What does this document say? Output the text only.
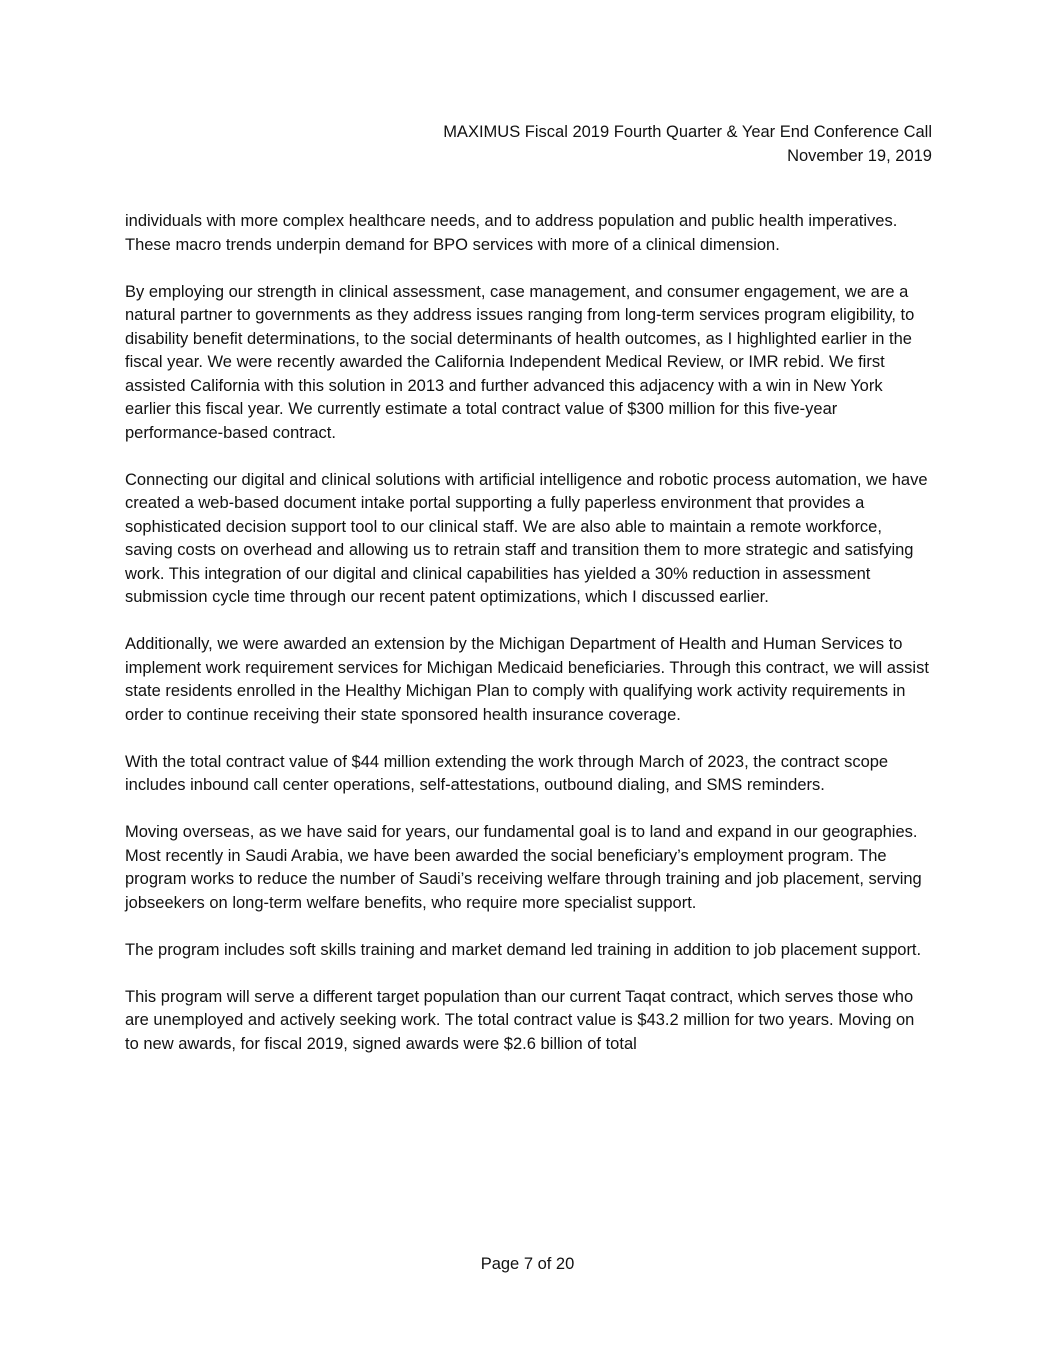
MAXIMUS Fiscal 2019 Fourth Quarter & Year End Conference Call
November 19, 2019

individuals with more complex healthcare needs, and to address population and public health imperatives. These macro trends underpin demand for BPO services with more of a clinical dimension.

By employing our strength in clinical assessment, case management, and consumer engagement, we are a natural partner to governments as they address issues ranging from long-term services program eligibility, to disability benefit determinations, to the social determinants of health outcomes, as I highlighted earlier in the fiscal year. We were recently awarded the California Independent Medical Review, or IMR rebid. We first assisted California with this solution in 2013 and further advanced this adjacency with a win in New York earlier this fiscal year. We currently estimate a total contract value of $300 million for this five-year performance-based contract.

Connecting our digital and clinical solutions with artificial intelligence and robotic process automation, we have created a web-based document intake portal supporting a fully paperless environment that provides a sophisticated decision support tool to our clinical staff. We are also able to maintain a remote workforce, saving costs on overhead and allowing us to retrain staff and transition them to more strategic and satisfying work. This integration of our digital and clinical capabilities has yielded a 30% reduction in assessment submission cycle time through our recent patent optimizations, which I discussed earlier.

Additionally, we were awarded an extension by the Michigan Department of Health and Human Services to implement work requirement services for Michigan Medicaid beneficiaries. Through this contract, we will assist state residents enrolled in the Healthy Michigan Plan to comply with qualifying work activity requirements in order to continue receiving their state sponsored health insurance coverage.

With the total contract value of $44 million extending the work through March of 2023, the contract scope includes inbound call center operations, self-attestations, outbound dialing, and SMS reminders.

Moving overseas, as we have said for years, our fundamental goal is to land and expand in our geographies. Most recently in Saudi Arabia, we have been awarded the social beneficiary’s employment program. The program works to reduce the number of Saudi’s receiving welfare through training and job placement, serving jobseekers on long-term welfare benefits, who require more specialist support.

The program includes soft skills training and market demand led training in addition to job placement support.

This program will serve a different target population than our current Taqat contract, which serves those who are unemployed and actively seeking work. The total contract value is $43.2 million for two years. Moving on to new awards, for fiscal 2019, signed awards were $2.6 billion of total

Page 7 of 20
